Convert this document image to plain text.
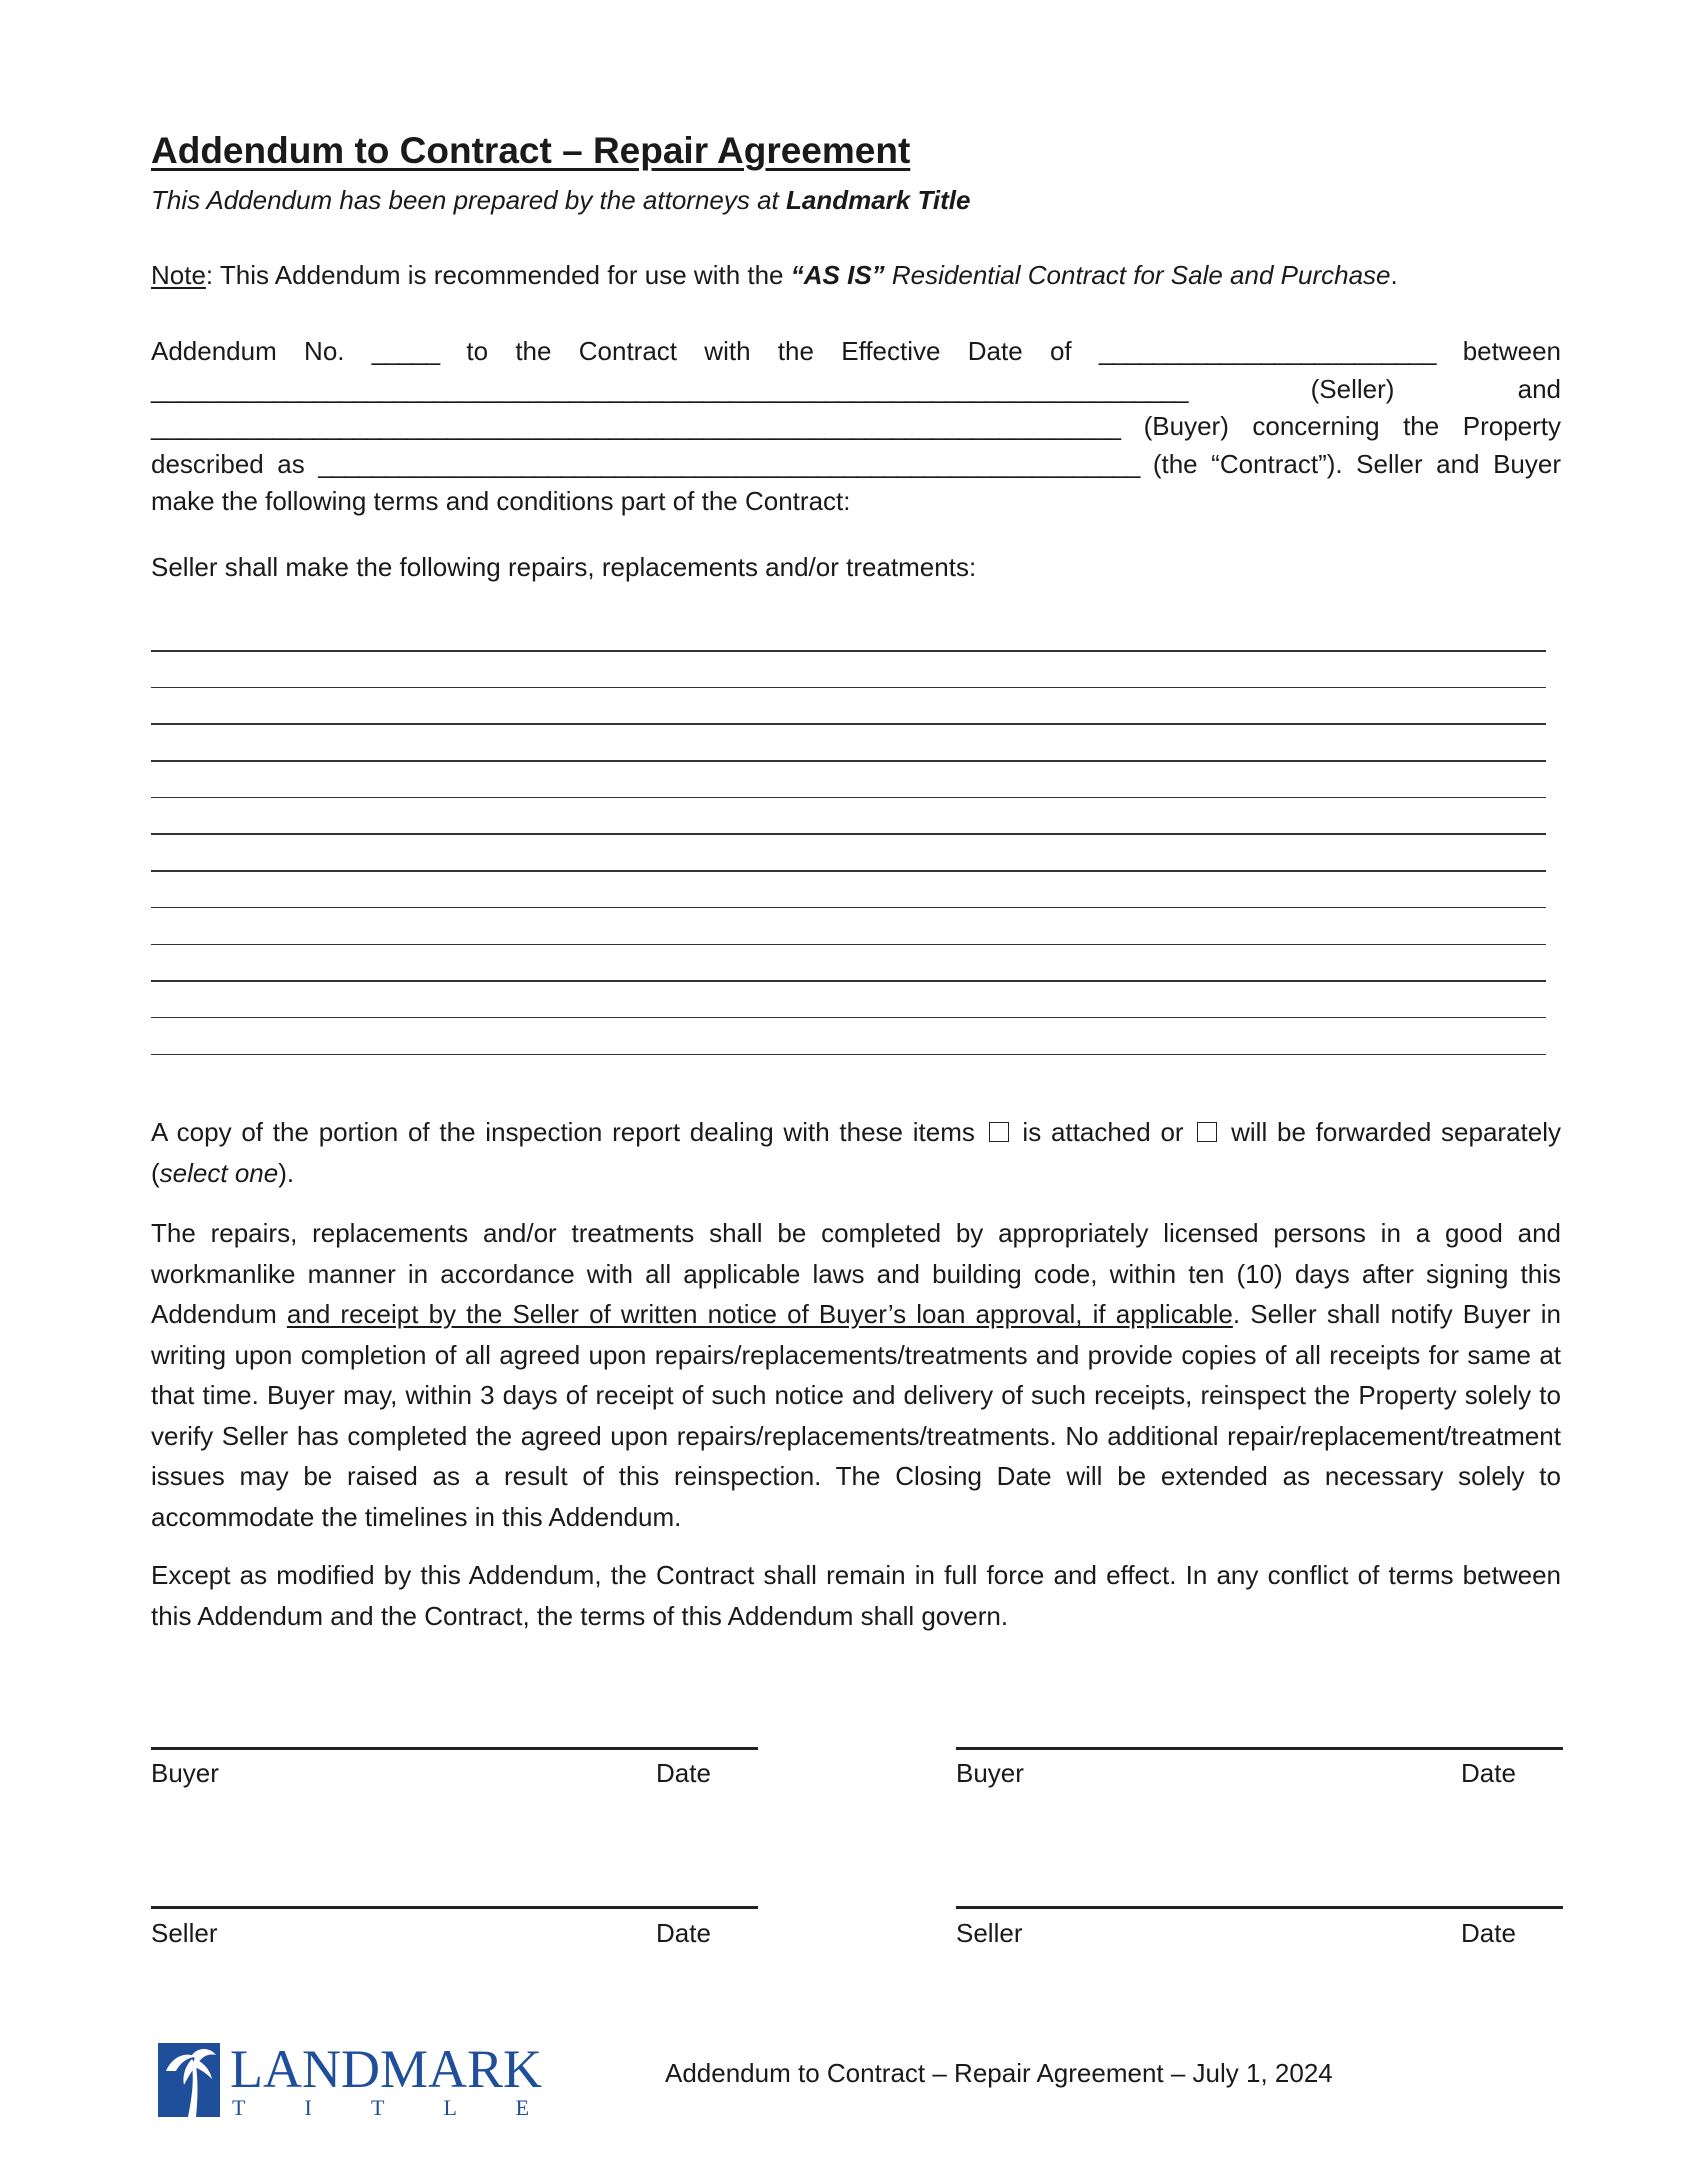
Addendum to Contract – Repair Agreement
This Addendum has been prepared by the attorneys at Landmark Title
Note: This Addendum is recommended for use with the “AS IS” Residential Contract for Sale and Purchase.
Addendum No. _____ to the Contract with the Effective Date of _________________________ between _____________________________________________________________________________ (Seller) and ________________________________________________________________________ (Buyer) concerning the Property described as _____________________________________________________________ (the “Contract”). Seller and Buyer make the following terms and conditions part of the Contract:
Seller shall make the following repairs, replacements and/or treatments:
A copy of the portion of the inspection report dealing with these items  is attached or  will be forwarded separately (select one).
The repairs, replacements and/or treatments shall be completed by appropriately licensed persons in a good and workmanlike manner in accordance with all applicable laws and building code, within ten (10) days after signing this Addendum and receipt by the Seller of written notice of Buyer’s loan approval, if applicable. Seller shall notify Buyer in writing upon completion of all agreed upon repairs/replacements/treatments and provide copies of all receipts for same at that time. Buyer may, within 3 days of receipt of such notice and delivery of such receipts, reinspect the Property solely to verify Seller has completed the agreed upon repairs/replacements/treatments. No additional repair/replacement/treatment issues may be raised as a result of this reinspection. The Closing Date will be extended as necessary solely to accommodate the timelines in this Addendum.
Except as modified by this Addendum, the Contract shall remain in full force and effect. In any conflict of terms between this Addendum and the Contract, the terms of this Addendum shall govern.
Buyer	Date	Buyer	Date
Seller	Date	Seller	Date
LANDMARK
T I T L E
Addendum to Contract – Repair Agreement – July 1, 2024
